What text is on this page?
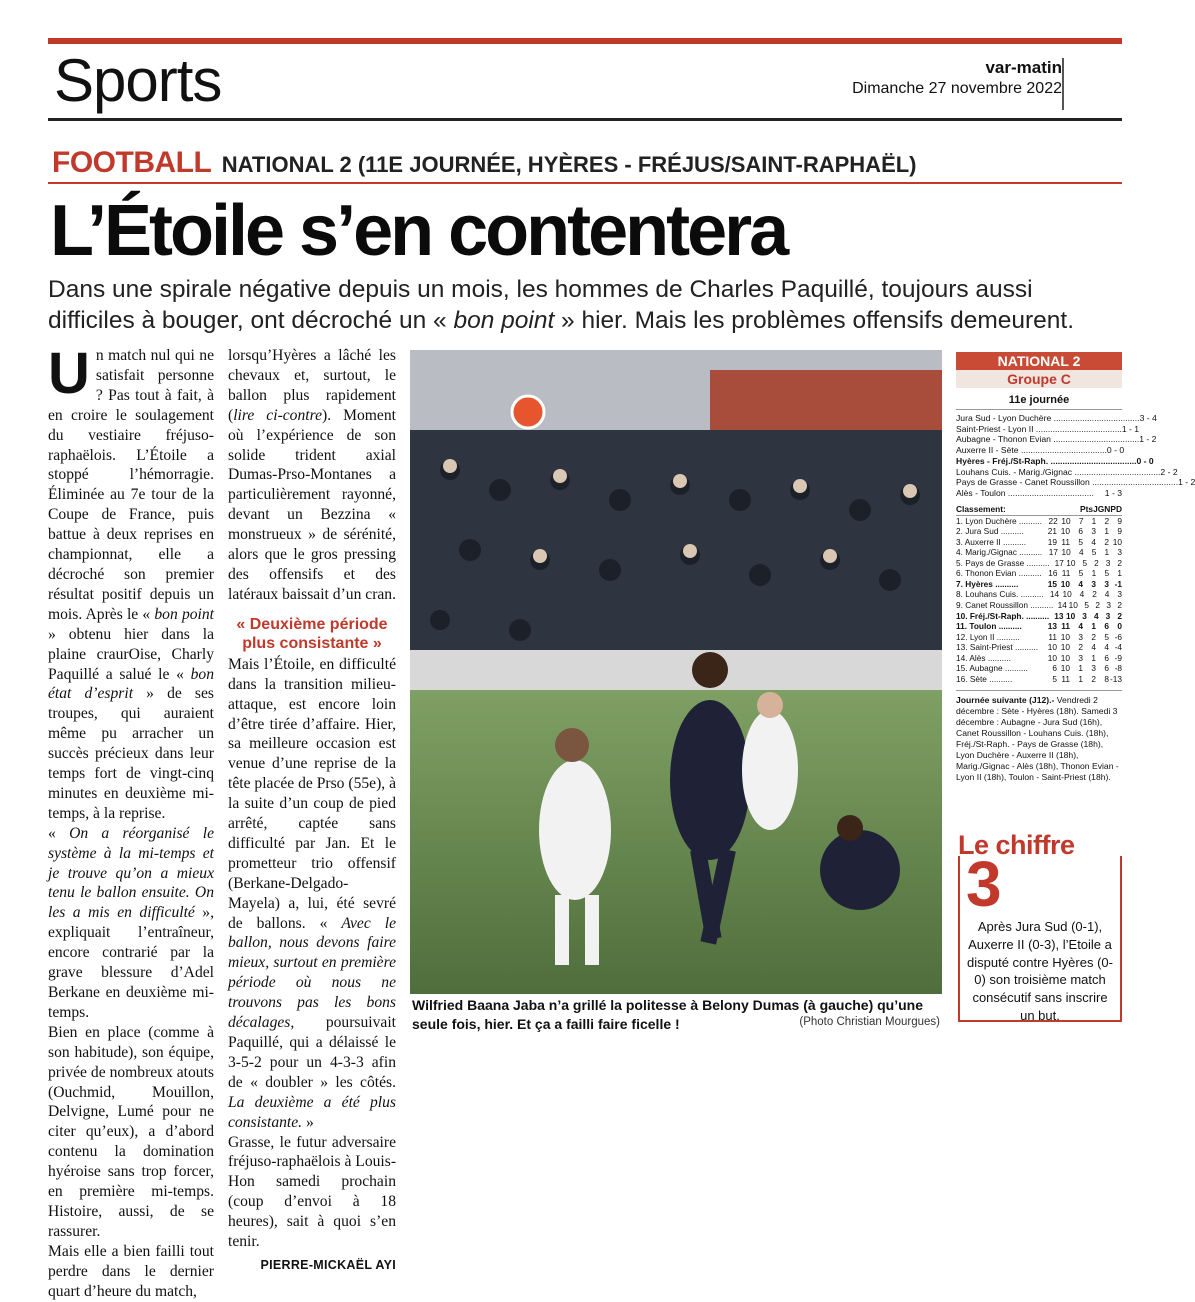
Sports	var-matin
Dimanche 27 novembre 2022
FOOTBALL NATIONAL 2 (11E JOURNÉE, HYÈRES - FRÉJUS/SAINT-RAPHAËL)
L’Étoile s’en contentera
Dans une spirale négative depuis un mois, les hommes de Charles Paquillé, toujours aussi difficiles à bouger, ont décroché un « bon point » hier. Mais les problèmes offensifs demeurent.

Un match nul qui ne satisfait personne ? Pas tout à fait, à en croire le soulagement du vestiaire fréjuso-raphaëlois. L’Étoile a stoppé l’hémorragie. Éliminée au 7e tour de la Coupe de France, puis battue à deux reprises en championnat, elle a décroché son premier résultat positif depuis un mois. Après le « bon point » obtenu hier dans la plaine craurOise, Charly Paquillé a salué le « bon état d’esprit » de ses troupes, qui auraient même pu arracher un succès précieux dans leur temps fort de vingt-cinq minutes en deuxième mi-temps, à la reprise.

« On a réorganisé le système à la mi-temps et je trouve qu’on a mieux tenu le ballon ensuite. On les a mis en difficulté », expliquait l’entraîneur, encore contrarié par la grave blessure d’Adel Berkane en deuxième mi-temps.

Bien en place (comme à son habitude), son équipe, privée de nombreux atouts (Ouchmid, Mouillon, Delvigne, Lumé pour ne citer qu’eux), a d’abord contenu la domination hyéroise sans trop forcer, en première mi-temps. Histoire, aussi, de se rassurer.

Mais elle a bien failli tout perdre dans le dernier quart d’heure du match,

lorsqu’Hyères a lâché les chevaux et, surtout, le ballon plus rapidement (lire ci-contre). Moment où l’expérience de son solide trident axial Dumas-Prso-Montanes a particulièrement rayonné, devant un Bezzina « monstrueux » de sérénité, alors que le gros pressing des offensifs et des latéraux baissait d’un cran.

« Deuxième période plus consistante »

Mais l’Étoile, en difficulté dans la transition milieu-attaque, est encore loin d’être tirée d’affaire. Hier, sa meilleure occasion est venue d’une reprise de la tête placée de Prso (55e), à la suite d’un coup de pied arrêté, captée sans difficulté par Jan. Et le prometteur trio offensif (Berkane-Delgado-Mayela) a, lui, été sevré de ballons. « Avec le ballon, nous devons faire mieux, surtout en première période où nous ne trouvons pas les bons décalages, poursuivait Paquillé, qui a délaissé le 3-5-2 pour un 4-3-3 afin de « doubler » les côtés. La deuxième a été plus consistante. »

Grasse, le futur adversaire fréjuso-raphaëlois à Louis-Hon samedi prochain (coup d’envoi à 18 heures), sait à quoi s’en tenir.

PIERRE-MICKAËL AYI
Wilfried Baana Jaba n’a grillé la politesse à Belony Dumas (à gauche) qu’une seule fois, hier. Et ça a failli faire ficelle !	(Photo Christian Mourgues)
NATIONAL 2
Groupe C
11e journée
Jura Sud - Lyon Duchère .................................... 3 - 4
Saint-Priest - Lyon II .................................... 1 - 1
Aubagne - Thonon Evian .................................... 1 - 2
Auxerre II - Sète .................................... 0 - 0
Hyères - Fréj./St-Raph. .................................... 0 - 0
Louhans Cuis. - Marig./Gignac .................................... 2 - 2
Pays de Grasse - Canet Roussillon .................................... 1 - 2
Alès - Toulon ....................................	1 - 3
Classement:	Pts J G N P D
1. Lyon Duchère .......... 22 10 7 1 2 9
2. Jura Sud ..........	21 10	6	3	1	9
3. Auxerre II ..........	19 11	5	4	2 10
4. Marig./Gignac .......... 17 10 4 5 1 3
5. Pays de Grasse .......... 17 10 5 2 3 2
6. Thonon Evian .......... 16 11 5 1 5 1
7. Hyères ..........	15 10	4	3	3 -1
8. Louhans Cuis. .......... 14 10 4 2 4 3
9. Canet Roussillon .......... 14 10 5 2 3 2
10. Fréj./St-Raph. .......... 13 10 3 4 3 2
11. Toulon ..........	13 11	4	1	6	0
12. Lyon II ..........	11 10	3	2	5 -6
13. Saint-Priest ..........	10 10	2	4	4 -4
14. Alès ..........	10 10	3	1	6 -9
15. Aubagne ..........	6 10	1	3	6 -8
16. Sète ..........	5 11	1	2	8 -13
Journée suivante (J12).- Vendredi 2 décembre : Sète - Hyères (18h). Samedi 3 décembre : Aubagne - Jura Sud (16h), Canet Roussillon - Louhans Cuis. (18h), Fréj./St-Raph. - Pays de Grasse (18h), Lyon Duchère - Auxerre II (18h), Marig./Gignac - Alès (18h), Thonon Evian - Lyon II (18h), Toulon - Saint-Priest (18h).
Le chiffre
3
Après Jura Sud (0-1), Auxerre II (0-3), l’Etoile a disputé contre Hyères (0-0) son troisième match consécutif sans inscrire un but.
